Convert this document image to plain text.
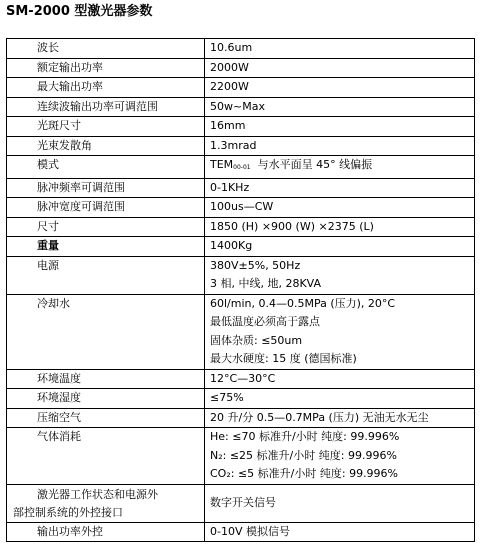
SM-2000 型激光器参数
波长	10.6um
额定输出功率	2000W
最大输出功率	2200W
连续波输出功率可调范围	50w~Max
光斑尺寸	16mm
光束发散角	1.3mrad
模式	$TEM_{00-01}$  与水平面呈 45° 线偏振
脉冲频率可调范围	0-1KHz
脉冲宽度可调范围	100us—CW
尺寸	1850 (H) ×900 (W) ×2375 (L)
重量	1400Kg
电源	380V±5%, 50Hz
3 相, 中线, 地, 28KVA

冷却水	60l/min, 0.4—0.5MPa (压力), 20°C
最低温度必须高于露点
固体杂质: ≤50um
最大水硬度: 15 度 (德国标准)

环境温度	12°C—30°C
环境湿度	≤75%
压缩空气	20 升/分 0.5—0.7MPa (压力) 无油无水无尘
气体消耗	He: ≤70 标准升/小时 纯度: 99.996%
N₂: ≤25 标准升/小时 纯度: 99.996%
CO₂: ≤5 标准升/小时 纯度: 99.996%

激光器工作状态和电源外
部控制系统的外控接口	数字开关信号
输出功率外控	0-10V 模拟信号
